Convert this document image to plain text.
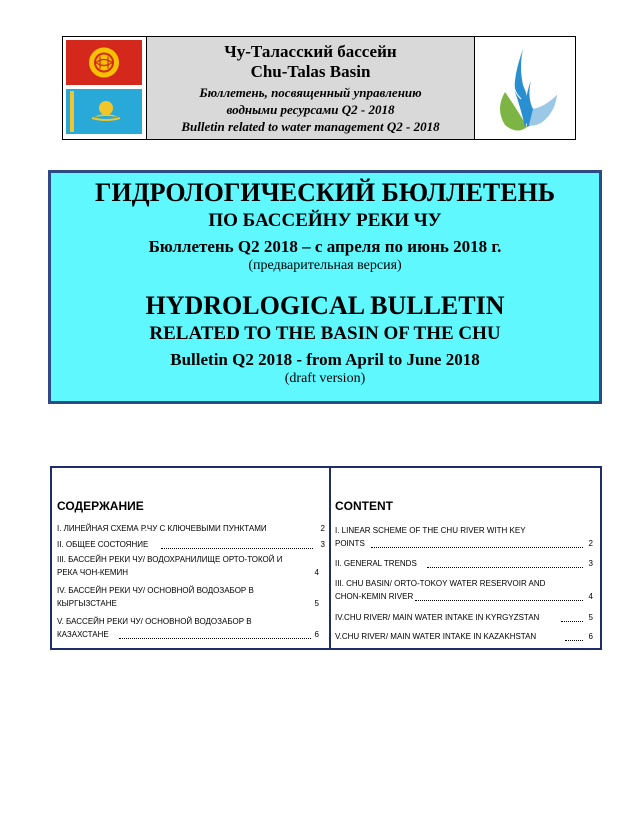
Чу-Таласский бассейн
Chu-Talas Basin
Бюллетень, посвященный управлению
водными ресурсами Q2 - 2018
Bulletin related to water management Q2 - 2018
ГИДРОЛОГИЧЕСКИЙ БЮЛЛЕТЕНЬ
ПО БАССЕЙНУ РЕКИ ЧУ
Бюллетень Q2 2018 – с апреля по июнь 2018 г.
(предварительная версия)
HYDROLOGICAL BULLETIN
RELATED TO THE BASIN OF THE CHU
Bulletin Q2 2018 - from April to June 2018
(draft version)
СОДЕРЖАНИЕ
I. ЛИНЕЙНАЯ СХЕМА Р.ЧУ С КЛЮЧЕВЫМИ ПУНКТАМИ	2
II. ОБЩЕЕ СОСТОЯНИЕ	3
III. БАССЕЙН РЕКИ ЧУ/ ВОДОХРАНИЛИЩЕ ОРТО-ТОКОЙ И
РЕКА ЧОН-КЕМИН	4
IV. БАССЕЙН РЕКИ ЧУ/ ОСНОВНОЙ ВОДОЗАБОР В
КЫРГЫЗСТАНЕ	5
V. БАССЕЙН РЕКИ ЧУ/ ОСНОВНОЙ ВОДОЗАБОР В
КАЗАХСТАНЕ	6
CONTENT
I. LINEAR SCHEME OF THE CHU RIVER WITH KEY
POINTS	2
II. GENERAL TRENDS	3
III. CHU BASIN/ ORTO-TOKOY WATER RESERVOIR AND
CHON-KEMIN RIVER	4
IV.CHU RIVER/ MAIN WATER INTAKE IN KYRGYZSTAN	5
V.CHU RIVER/ MAIN WATER INTAKE IN KAZAKHSTAN	6
